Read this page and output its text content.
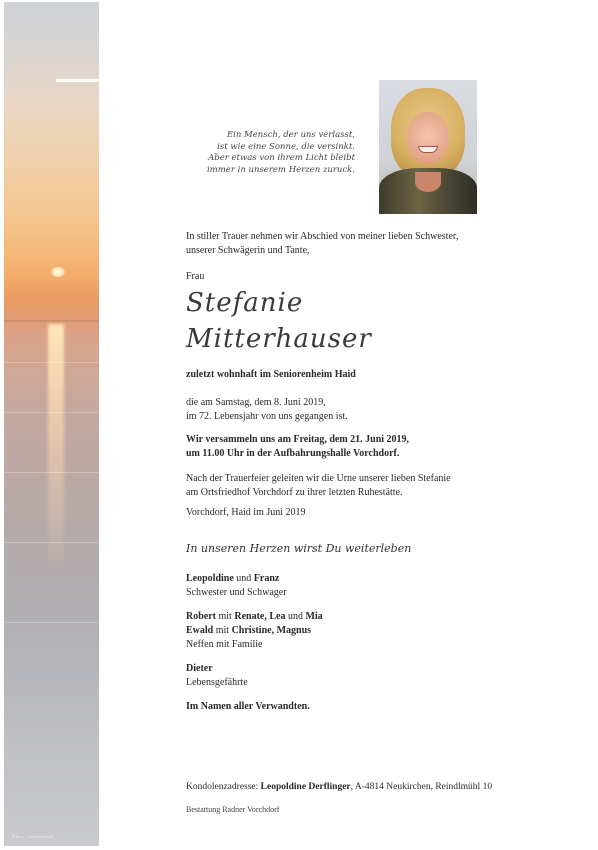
© fo.t.l. - fotolia.com #0
Ein Mensch, der uns verlasst,
ist wie eine Sonne, die versinkt.
Aber etwas von ihrem Licht bleibt
immer in unserem Herzen zuruck.
In stiller Trauer nehmen wir Abschied von meiner lieben Schwester,
unserer Schwägerin und Tante,
Frau
Stefanie
Mitterhauser
zuletzt wohnhaft im Seniorenheim Haid
die am Samstag, dem 8. Juni 2019,
im 72. Lebensjahr von uns gegangen ist.
Wir versammeln uns am Freitag, dem 21. Juni 2019,
um 11.00 Uhr in der Aufbahrungshalle Vorchdorf.
Nach der Trauerfeier geleiten wir die Urne unserer lieben Stefanie
am Ortsfriedhof Vorchdorf zu ihrer letzten Ruhestätte.
Vorchdorf, Haid im Juni 2019
In unseren Herzen wirst Du weiterleben
Leopoldine und Franz
Schwester und Schwager
Robert mit Renate, Lea und Mia
Ewald mit Christine, Magnus
Neffen mit Familie
Dieter
Lebensgefährte
Im Namen aller Verwandten.
Kondolenzadresse: Leopoldine Derflinger, A-4814 Neukirchen, Reindlmühl 10
Bestattung Radner Vorchdorf
